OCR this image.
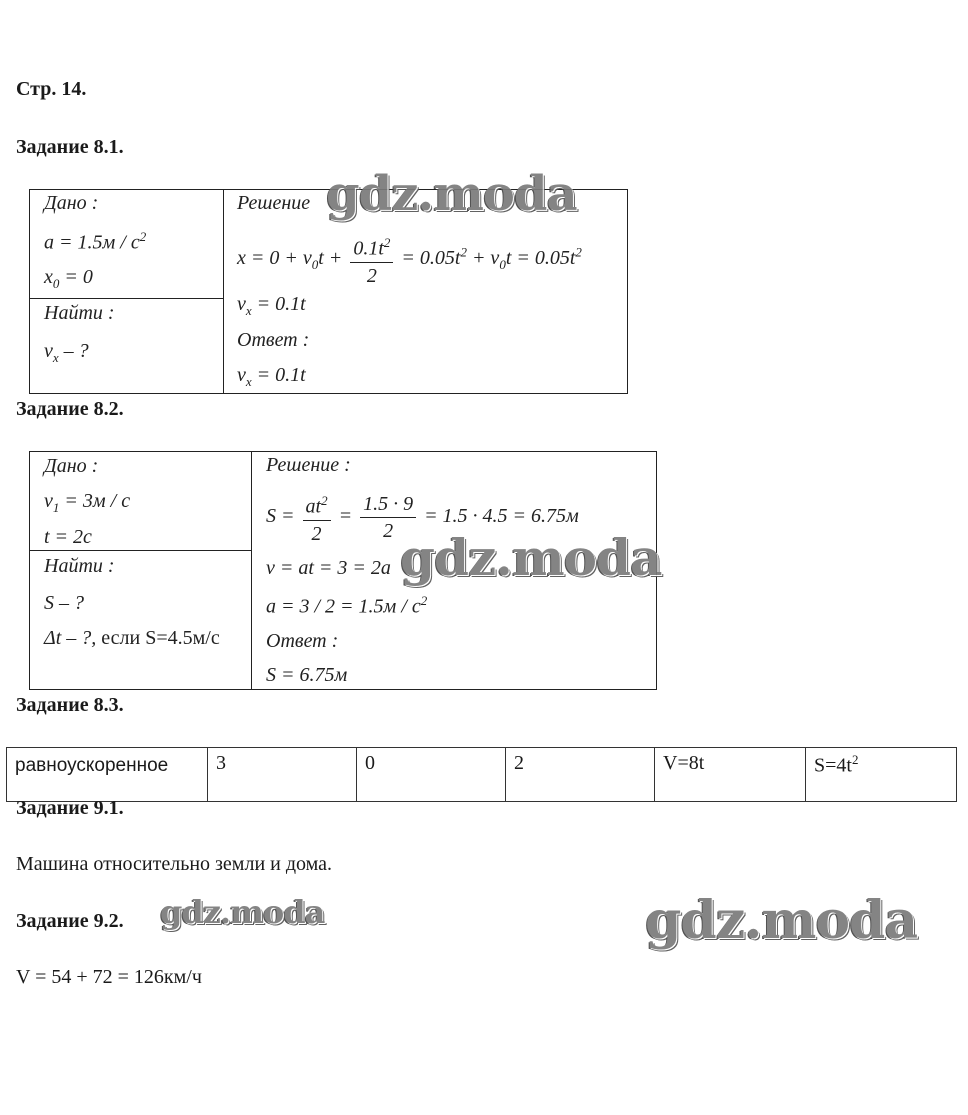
Стр. 14.
Задание 8.1.
Дано :
$a = 1.5м / с^2$
$x_0 = 0$
Найти :
$v_x$ – ?
Решение
$x = 0 + v_0t + \frac{0.1t^2}{2} = 0.05t^2 + v_0t = 0.05t^2$
$v_x = 0.1t$
Ответ :
$v_x = 0.1t$
Задание 8.2.
Дано :
$v_1 = 3м / с$
t = 2с
Найти :
S – ?
Δt – ?, если S=4.5м/с
Решение :
$S = \frac{at^2}{2} = \frac{1.5 \cdot 9}{2} = 1.5 \cdot 4.5 = 6.75м$
v = at = 3 = 2a
$a = 3 / 2 = 1.5м / с^2$
Ответ :
S = 6.75м
Задание 8.3.
равноускоренное	3	0	2	V=8t	$S=4t^2$
Задание 9.1.
Машина относительно земли и дома.
Задание 9.2.
V = 54 + 72 = 126км/ч
gdz.moda
gdz.moda
gdz.moda	gdz.moda
